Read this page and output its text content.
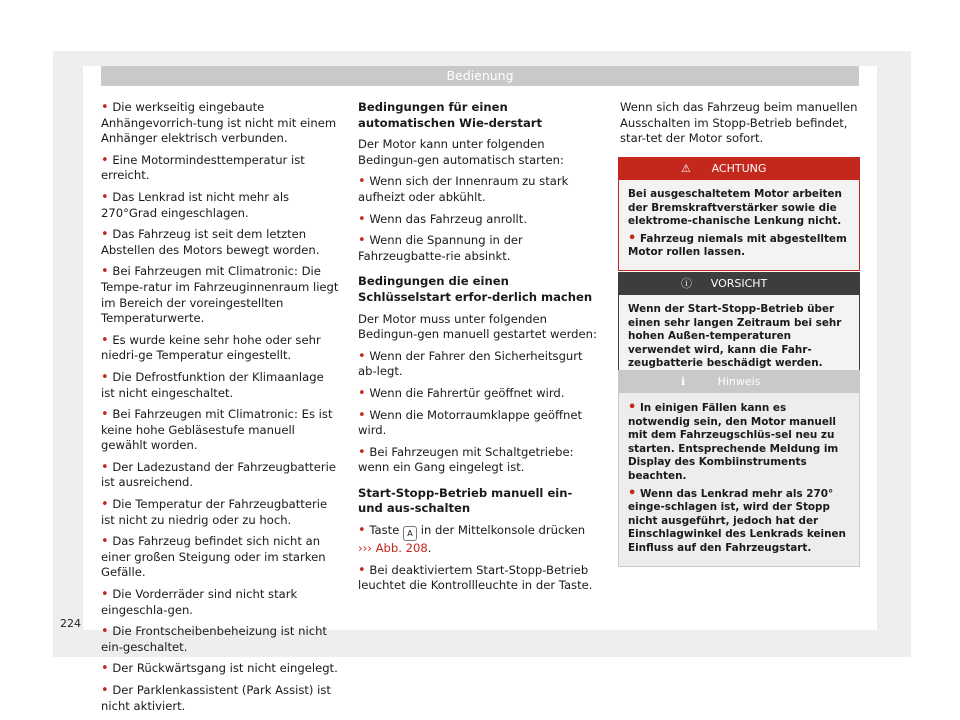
Bedienung

• Die werkseitig eingebaute Anhängevorrich-tung ist nicht mit einem Anhänger elektrisch verbunden.

• Eine Motormindesttemperatur ist erreicht.

• Das Lenkrad ist nicht mehr als 270°Grad eingeschlagen.

• Das Fahrzeug ist seit dem letzten Abstellen des Motors bewegt worden.

• Bei Fahrzeugen mit Climatronic: Die Tempe-ratur im Fahrzeuginnenraum liegt im Bereich der voreingestellten Temperaturwerte.

• Es wurde keine sehr hohe oder sehr niedri-ge Temperatur eingestellt.

• Die Defrostfunktion der Klimaanlage ist nicht eingeschaltet.

• Bei Fahrzeugen mit Climatronic: Es ist keine hohe Gebläsestufe manuell gewählt worden.

• Der Ladezustand der Fahrzeugbatterie ist ausreichend.

• Die Temperatur der Fahrzeugbatterie ist nicht zu niedrig oder zu hoch.

• Das Fahrzeug befindet sich nicht an einer großen Steigung oder im starken Gefälle.

• Die Vorderräder sind nicht stark eingeschla-gen.

• Die Frontscheibenbeheizung ist nicht ein-geschaltet.

• Der Rückwärtsgang ist nicht eingelegt.

• Der Parklenkassistent (Park Assist) ist nicht aktiviert.

Bedingungen für einen automatischen Wie-derstart

Der Motor kann unter folgenden Bedingun-gen automatisch starten:

• Wenn sich der Innenraum zu stark aufheizt oder abkühlt.

• Wenn das Fahrzeug anrollt.

• Wenn die Spannung in der Fahrzeugbatte-rie absinkt.

Bedingungen die einen Schlüsselstart erfor-derlich machen

Der Motor muss unter folgenden Bedingun-gen manuell gestartet werden:

• Wenn der Fahrer den Sicherheitsgurt ab-legt.

• Wenn die Fahrertür geöffnet wird.

• Wenn die Motorraumklappe geöffnet wird.

• Bei Fahrzeugen mit Schaltgetriebe: wenn ein Gang eingelegt ist.

Start-Stopp-Betrieb manuell ein- und aus-schalten

• Taste A in der Mittelkonsole drücken ››› Abb. 208.

• Bei deaktiviertem Start-Stopp-Betrieb leuchtet die Kontrollleuchte in der Taste.

Wenn sich das Fahrzeug beim manuellen Ausschalten im Stopp-Betrieb befindet, star-tet der Motor sofort.

⚠ ACHTUNG

Bei ausgeschaltetem Motor arbeiten der Bremskraftverstärker sowie die elektrome-chanische Lenkung nicht.

• Fahrzeug niemals mit abgestelltem Motor rollen lassen.

ⓘ VORSICHT

Wenn der Start-Stopp-Betrieb über einen sehr langen Zeitraum bei sehr hohen Außen-temperaturen verwendet wird, kann die Fahr-zeugbatterie beschädigt werden.

ℹ	Hinweis

• In einigen Fällen kann es notwendig sein, den Motor manuell mit dem Fahrzeugschlüs-sel neu zu starten. Entsprechende Meldung im Display des Kombiinstruments beachten.

• Wenn das Lenkrad mehr als 270° einge-schlagen ist, wird der Stopp nicht ausgeführt, jedoch hat der Einschlagwinkel des Lenkrads keinen Einfluss auf den Fahrzeugstart.

224
